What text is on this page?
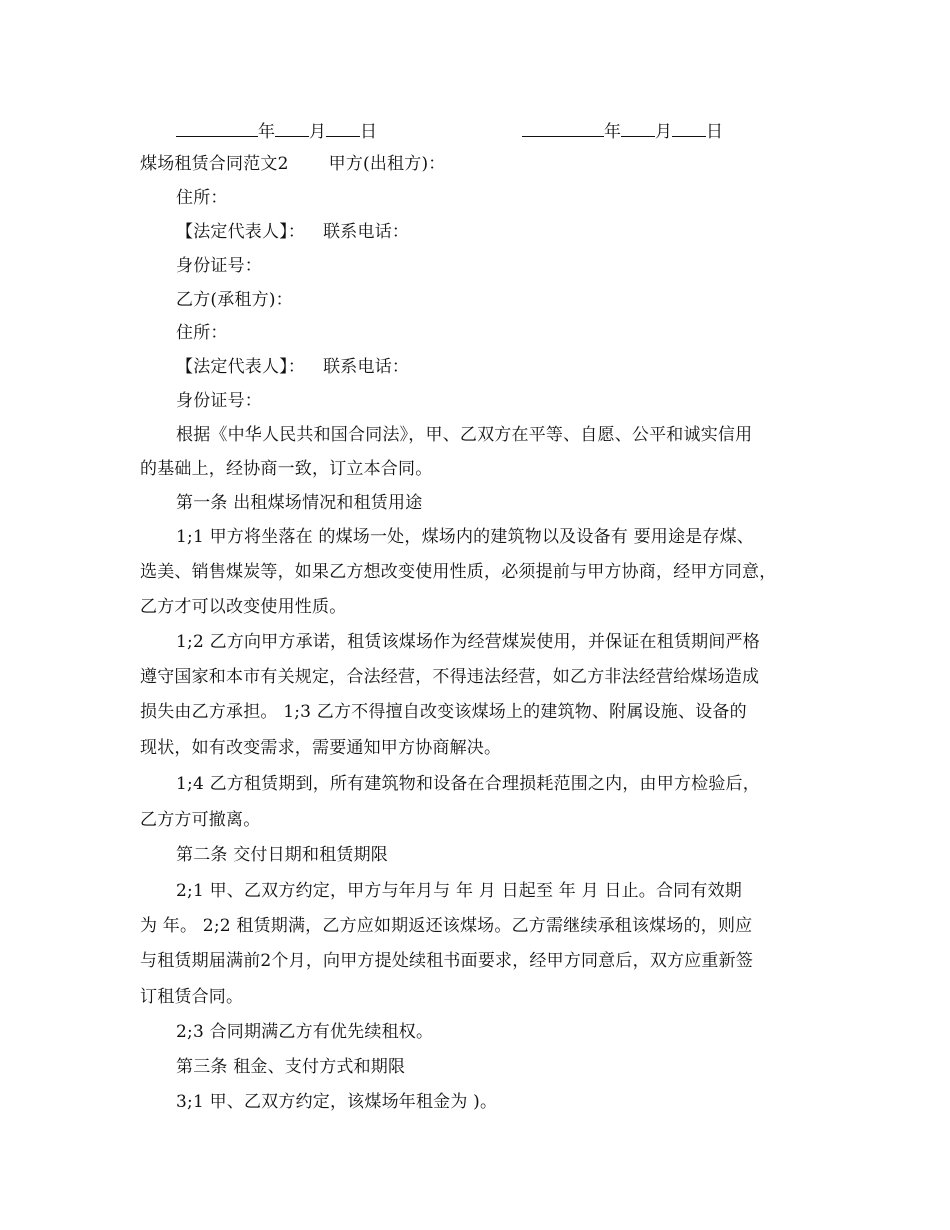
年 月 日	年 月 日
煤场租赁合同范文2 甲方(出租方)：
住所：
【法定代表人】： 联系电话：
身份证号：
乙方(承租方)：
住所：
【法定代表人】： 联系电话：
身份证号：
根据《中华人民共和国合同法》，甲、乙双方在平等、自愿、公平和诚实信用
的基础上，经协商一致，订立本合同。
第一条 出租煤场情况和租赁用途
1;1 甲方将坐落在 的煤场一处，煤场内的建筑物以及设备有 要用途是存煤、
选美、销售煤炭等，如果乙方想改变使用性质，必须提前与甲方协商，经甲方同意，
乙方才可以改变使用性质。
1;2 乙方向甲方承诺，租赁该煤场作为经营煤炭使用，并保证在租赁期间严格
遵守国家和本市有关规定，合法经营，不得违法经营，如乙方非法经营给煤场造成
损失由乙方承担。 1;3 乙方不得擅自改变该煤场上的建筑物、附属设施、设备的
现状，如有改变需求，需要通知甲方协商解决。
1;4 乙方租赁期到，所有建筑物和设备在合理损耗范围之内，由甲方检验后，
乙方方可撤离。
第二条 交付日期和租赁期限
2;1 甲、乙双方约定，甲方与年月与 年 月 日起至 年 月 日止。合同有效期
为 年。 2;2 租赁期满，乙方应如期返还该煤场。乙方需继续承租该煤场的，则应
与租赁期届满前2个月，向甲方提处续租书面要求，经甲方同意后，双方应重新签
订租赁合同。
2;3 合同期满乙方有优先续租权。
第三条 租金、支付方式和期限
3;1 甲、乙双方约定，该煤场年租金为 )。
